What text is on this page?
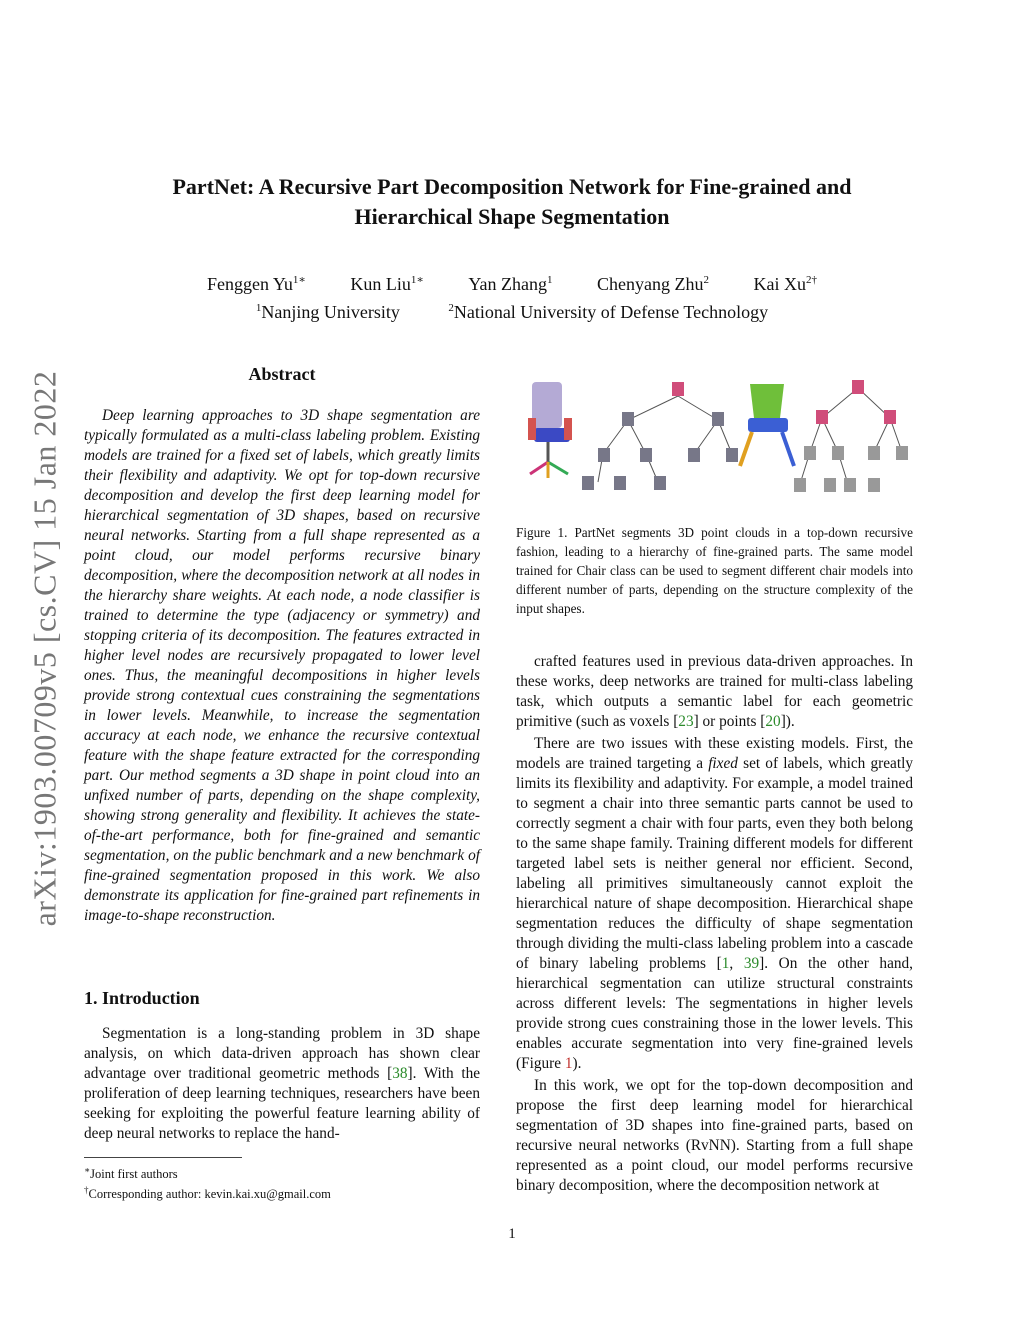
PartNet: A Recursive Part Decomposition Network for Fine-grained and
Hierarchical Shape Segmentation
Fenggen $Yu^{1∗}$ Kun Liu$^{1∗}$ Yan Zhang$^1$ Chenyang Zhu$^2$ Kai $Xu^{2\dagger}$
$^1$Nanjing University	$^2$National University of Defense Technology
arXiv:1903.00709v5 [cs.CV] 15 Jan 2022	Abstract

Deep learning approaches to 3D shape segmentation are typically formulated as a multi-class labeling problem. Existing models are trained for a fixed set of labels, which greatly limits their flexibility and adaptivity. We opt for top-down recursive decomposition and develop the first deep learning model for hierarchical segmentation of 3D shapes, based on recursive neural networks. Starting from a full shape represented as a point cloud, our model performs recursive binary decomposition, where the decomposition network at all nodes in the hierarchy share weights. At each node, a node classifier is trained to determine the type (adjacency or symmetry) and stopping criteria of its decomposition. The features extracted in higher level nodes are recursively propagated to lower level ones. Thus, the meaningful decompositions in higher levels provide strong contextual cues constraining the segmentations in lower levels. Meanwhile, to increase the segmentation accuracy at each node, we enhance the recursive contextual feature with the shape feature extracted for the corresponding part. Our method segments a 3D shape in point cloud into an unfixed number of parts, depending on the shape complexity, showing strong generality and flexibility. It achieves the state-of-the-art performance, both for fine-grained and semantic segmentation, on the public benchmark and a new benchmark of fine-grained segmentation proposed in this work. We also demonstrate its application for fine-grained part refinements in image-to-shape reconstruction.

1. Introduction

Segmentation is a long-standing problem in 3D shape analysis, on which data-driven approach has shown clear advantage over traditional geometric methods [38]. With the proliferation of deep learning techniques, researchers have been seeking for exploiting the powerful feature learning ability of deep neural networks to replace the hand-

∗Joint first authors
†Corresponding author: kevin.kai.xu@gmail.com
Figure 1. PartNet segments 3D point clouds in a top-down recursive fashion, leading to a hierarchy of fine-grained parts. The same model trained for Chair class can be used to segment different chair models into different number of parts, depending on the structure complexity of the input shapes.

crafted features used in previous data-driven approaches. In these works, deep networks are trained for multi-class labeling task, which outputs a semantic label for each geometric primitive (such as voxels [23] or points [20]).

There are two issues with these existing models. First, the models are trained targeting a fixed set of labels, which greatly limits its flexibility and adaptivity. For example, a model trained to segment a chair into three semantic parts cannot be used to correctly segment a chair with four parts, even they both belong to the same shape family. Training different models for different targeted label sets is neither general nor efficient. Second, labeling all primitives simultaneously cannot exploit the hierarchical nature of shape decomposition. Hierarchical shape segmentation reduces the difficulty of shape segmentation through dividing the multi-class labeling problem into a cascade of binary labeling problems [1, 39]. On the other hand, hierarchical segmentation can utilize structural constraints across different levels: The segmentations in higher levels provide strong cues constraining those in the lower levels. This enables accurate segmentation into very fine-grained levels (Figure 1).

In this work, we opt for the top-down decomposition and propose the first deep learning model for hierarchical segmentation of 3D shapes into fine-grained parts, based on recursive neural networks (RvNN). Starting from a full shape represented as a point cloud, our model performs recursive binary decomposition, where the decomposition network at

1
